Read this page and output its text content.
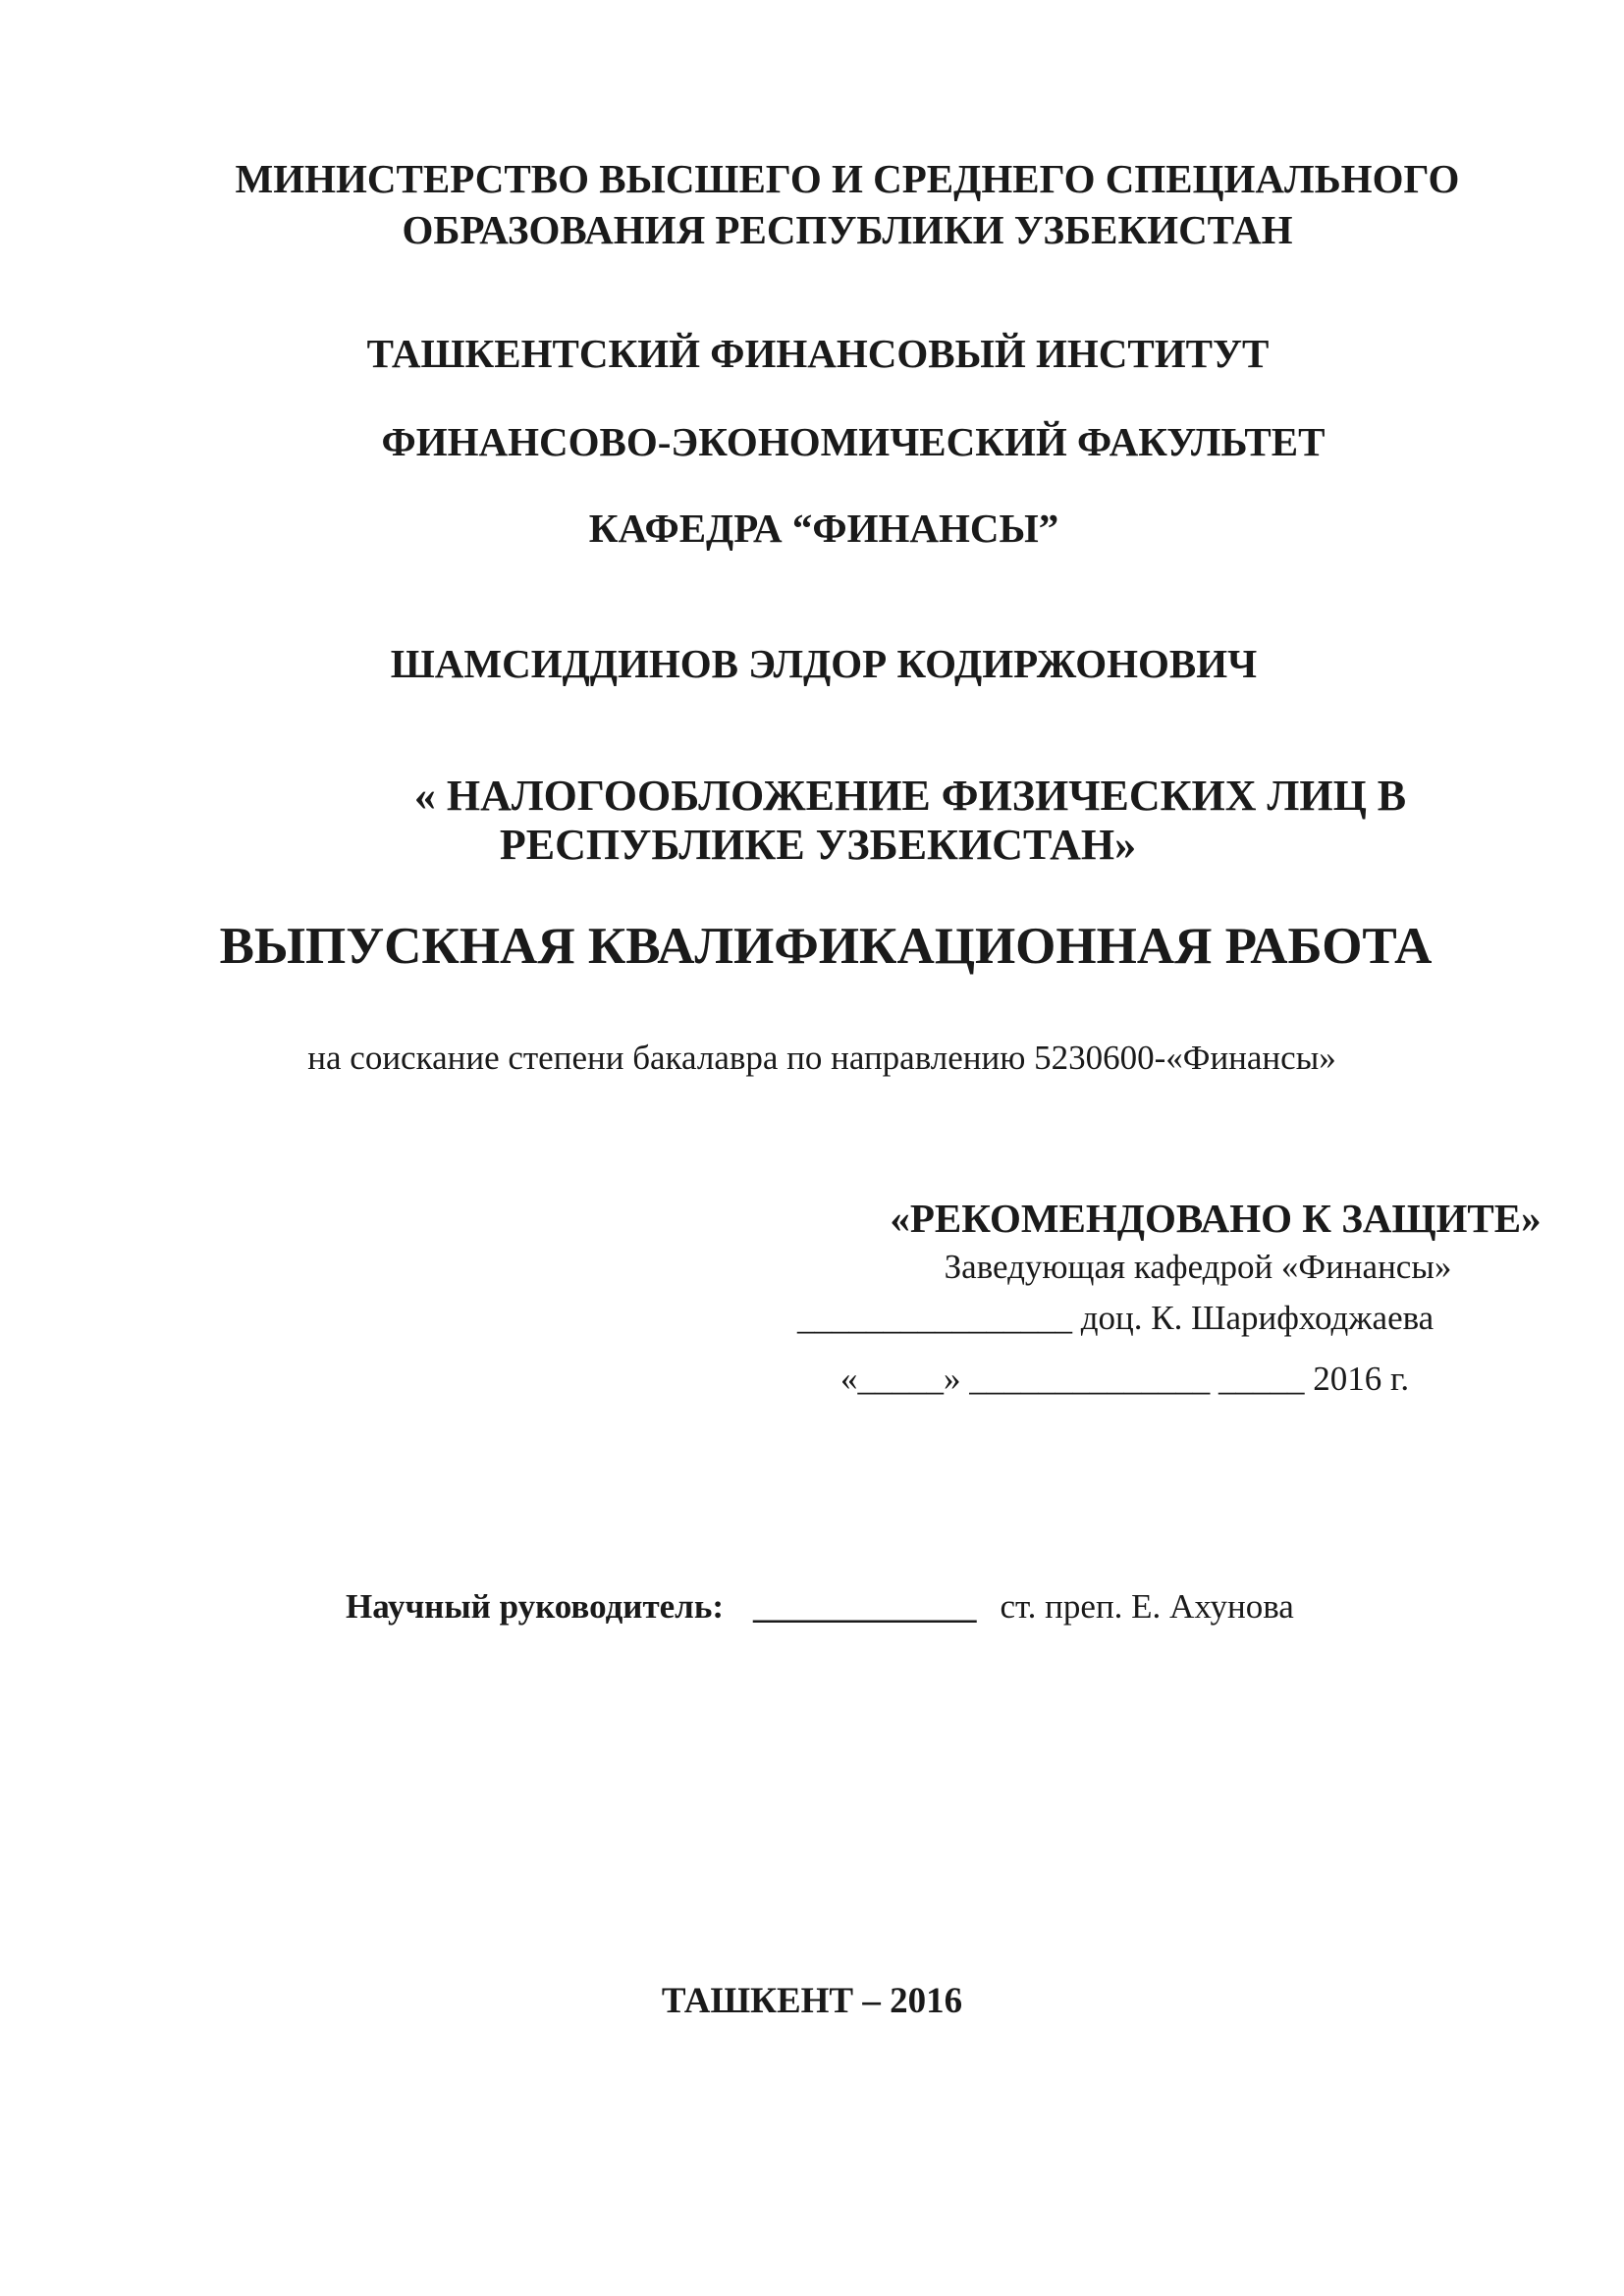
МИНИСТЕРСТВО ВЫСШЕГО И СРЕДНЕГО СПЕЦИАЛЬНОГО
ОБРАЗОВАНИЯ РЕСПУБЛИКИ УЗБЕКИСТАН
ТАШКЕНТСКИЙ ФИНАНСОВЫЙ ИНСТИТУТ
ФИНАНСОВО-ЭКОНОМИЧЕСКИЙ ФАКУЛЬТЕТ
КАФЕДРА “ФИНАНСЫ”
ШАМСИДДИНОВ ЭЛДОР КОДИРЖОНОВИЧ
« НАЛОГООБЛОЖЕНИЕ ФИЗИЧЕСКИХ ЛИЦ В
РЕСПУБЛИКЕ УЗБЕКИСТАН»
ВЫПУСКНАЯ КВАЛИФИКАЦИОННАЯ РАБОТА
на соискание степени бакалавра по направлению 5230600-«Финансы»
«РЕКОМЕНДОВАНО К ЗАЩИТЕ»
Заведующая кафедрой «Финансы»
________________ доц. К. Шарифходжаева
«_____» ______________ _____ 2016 г.
Научный руководитель: _____________ ст. преп. Е. Ахунова
ТАШКЕНТ – 2016
